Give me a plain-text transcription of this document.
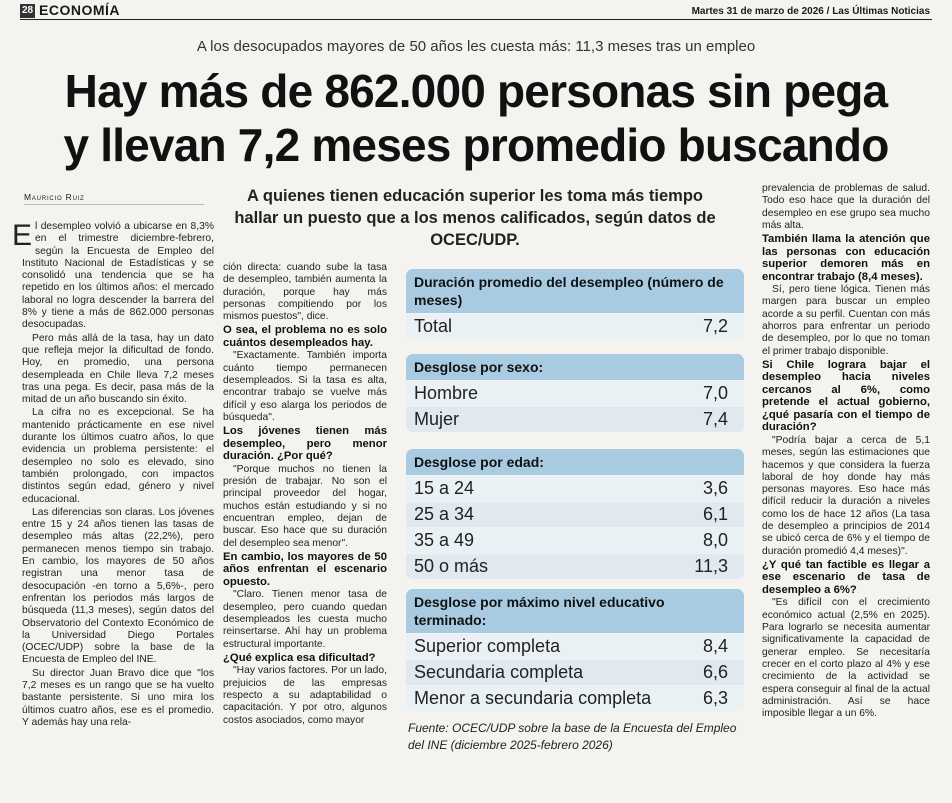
28 ECONOMÍA	Martes 31 de marzo de 2026 / Las Últimas Noticias
A los desocupados mayores de 50 años les cuesta más: 11,3 meses tras un empleo
Hay más de 862.000 personas sin pega
y llevan 7,2 meses promedio buscando
Mauricio Ruiz	A quienes tienen educación superior les toma más tiempo hallar un puesto que a los menos calificados, según datos de OCEC/UDP.

El desempleo volvió a ubicarse en 8,3% en el trimestre diciembre-febrero, según la Encuesta de Empleo del Instituto Nacional de Estadísticas y se consolidó una tendencia que se ha repetido en los últimos años: el mercado laboral no logra descender la barrera del 8% y tiene a más de 862.000 personas desocupadas.

Pero más allá de la tasa, hay un dato que refleja mejor la dificultad de fondo. Hoy, en promedio, una persona desempleada en Chile lleva 7,2 meses tras una pega. Es decir, pasa más de la mitad de un año buscando sin éxito.

La cifra no es excepcional. Se ha mantenido prácticamente en ese nivel durante los últimos cuatro años, lo que evidencia un problema persistente: el desempleo no solo es elevado, sino también prolongado, con impactos distintos según edad, género y nivel educacional.

Las diferencias son claras. Los jóvenes entre 15 y 24 años tienen las tasas de desempleo más altas (22,2%), pero permanecen menos tiempo sin trabajo. En cambio, los mayores de 50 años registran una menor tasa de desocupación -en torno a 5,6%-, pero enfrentan los periodos más largos de búsqueda (11,3 meses), según datos del Observatorio del Contexto Económico de la Universidad Diego Portales (OCEC/UDP) sobre la base de la Encuesta de Empleo del INE.

Su director Juan Bravo dice que "los 7,2 meses es un rango que se ha vuelto bastante persistente. Si uno mira los últimos cuatro años, ese es el promedio. Y además hay una rela-

ción directa: cuando sube la tasa de desempleo, también aumenta la duración, porque hay más personas compitiendo por los mismos puestos", dice.

O sea, el problema no es solo cuántos desempleados hay.

"Exactamente. También importa cuánto tiempo permanecen desempleados. Si la tasa es alta, encontrar trabajo se vuelve más difícil y eso alarga los periodos de búsqueda".

Los jóvenes tienen más desempleo, pero menor duración. ¿Por qué?

"Porque muchos no tienen la presión de trabajar. No son el principal proveedor del hogar, muchos están estudiando y si no encuentran empleo, dejan de buscar. Eso hace que su duración del desempleo sea menor".

En cambio, los mayores de 50 años enfrentan el escenario opuesto.

"Claro. Tienen menor tasa de desempleo, pero cuando quedan desempleados les cuesta mucho reinsertarse. Ahí hay un problema estructural importante.

¿Qué explica esa dificultad?

"Hay varios factores. Por un lado, prejuicios de las empresas respecto a su adaptabilidad o capacitación. Y por otro, algunos costos asociados, como mayor

prevalencia de problemas de salud. Todo eso hace que la duración del desempleo en ese grupo sea mucho más alta.

También llama la atención que las personas con educación superior demoren más en encontrar trabajo (8,4 meses).

Sí, pero tiene lógica. Tienen más margen para buscar un empleo acorde a su perfil. Cuentan con más ahorros para enfrentar un periodo de desempleo, por lo que no toman el primer trabajo disponible.

Si Chile lograra bajar el desempleo hacia niveles cercanos al 6%, como pretende el actual gobierno, ¿qué pasaría con el tiempo de duración?

"Podría bajar a cerca de 5,1 meses, según las estimaciones que hacemos y que considera la fuerza laboral de hoy donde hay más personas mayores. Eso hace más difícil reducir la duración a niveles como los de hace 12 años (La tasa de desempleo a principios de 2014 se ubicó cerca de 6% y el tiempo de duración promedió 4,4 meses)".

¿Y qué tan factible es llegar a ese escenario de tasa de desempleo a 6%?

"Es difícil con el crecimiento económico actual (2,5% en 2025). Para lograrlo se necesita aumentar significativamente la capacidad de generar empleo. Se necesitaría crecer en el corto plazo al 4% y ese crecimiento de la actividad se espera conseguir al final de la actual administración. Así se hace imposible llegar a un 6%.

Duración promedio del desempleo (número de meses)
Total	7,2
Desglose por sexo:
Hombre	7,0
Mujer	7,4
Desglose por edad:
15 a 24	3,6
25 a 34	6,1
35 a 49	8,0
50 o más	11,3
Desglose por máximo nivel educativo terminado:
Superior completa	8,4
Secundaria completa	6,6
Menor a secundaria completa	6,3
Fuente: OCEC/UDP sobre la base de la Encuesta del Empleo del INE (diciembre 2025-febrero 2026)
